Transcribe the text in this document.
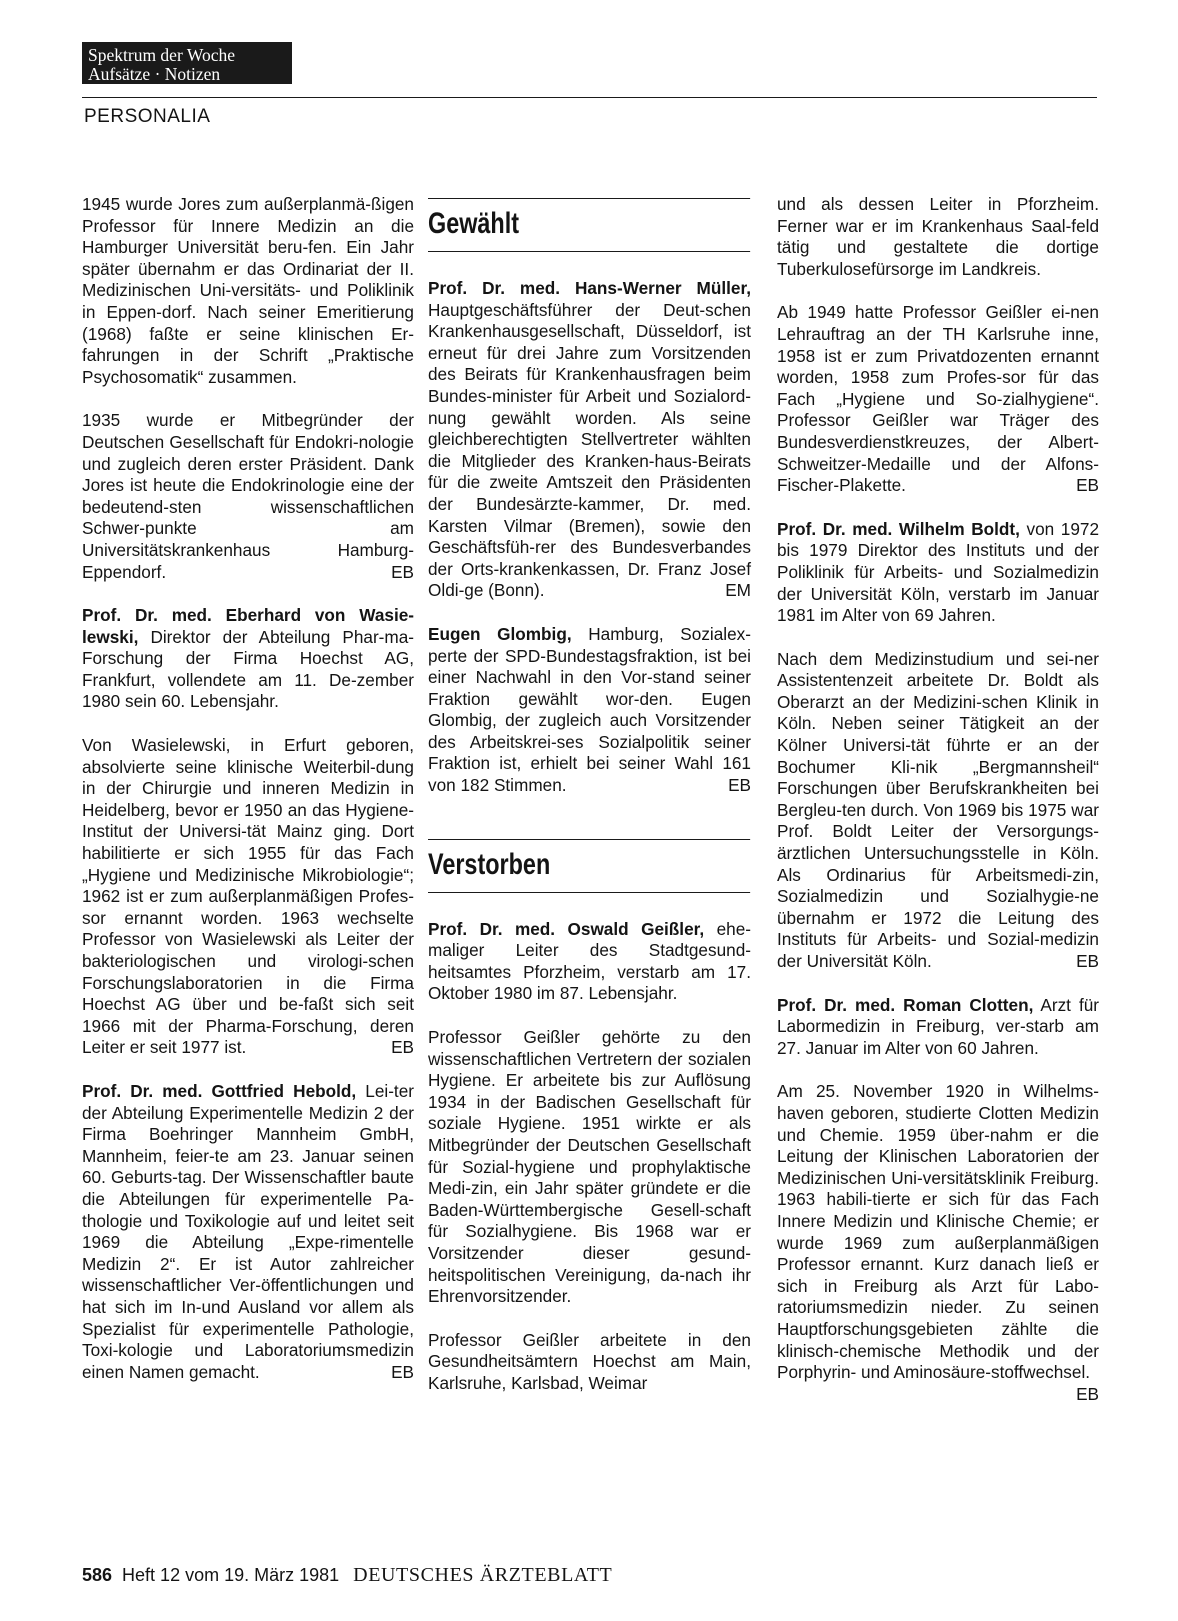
Spektrum der Woche
Aufsätze · Notizen
PERSONALIA

1945 wurde Jores zum außerplanmä-ßigen Professor für Innere Medizin an die Hamburger Universität beru-fen. Ein Jahr später übernahm er das Ordinariat der II. Medizinischen Uni-versitäts- und Poliklinik in Eppen-dorf. Nach seiner Emeritierung (1968) faßte er seine klinischen Er-fahrungen in der Schrift „Praktische Psychosomatik“ zusammen.

1935 wurde er Mitbegründer der Deutschen Gesellschaft für Endokri-nologie und zugleich deren erster Präsident. Dank Jores ist heute die Endokrinologie eine der bedeutend-sten wissenschaftlichen Schwer-punkte am Universitätskrankenhaus Hamburg-Eppendorf.	EB

Prof. Dr. med. Eberhard von Wasie-lewski, Direktor der Abteilung Phar-ma-Forschung der Firma Hoechst AG, Frankfurt, vollendete am 11. De-zember 1980 sein 60. Lebensjahr.

Von Wasielewski, in Erfurt geboren, absolvierte seine klinische Weiterbil-dung in der Chirurgie und inneren Medizin in Heidelberg, bevor er 1950 an das Hygiene-Institut der Universi-tät Mainz ging. Dort habilitierte er sich 1955 für das Fach „Hygiene und Medizinische Mikrobiologie“; 1962 ist er zum außerplanmäßigen Profes-sor ernannt worden. 1963 wechselte Professor von Wasielewski als Leiter der bakteriologischen und virologi-schen Forschungslaboratorien in die Firma Hoechst AG über und be-faßt sich seit 1966 mit der Pharma-Forschung, deren Leiter er seit 1977 ist.	EB

Prof. Dr. med. Gottfried Hebold, Lei-ter der Abteilung Experimentelle Medizin 2 der Firma Boehringer Mannheim GmbH, Mannheim, feier-te am 23. Januar seinen 60. Geburts-tag. Der Wissenschaftler baute die Abteilungen für experimentelle Pa-thologie und Toxikologie auf und leitet seit 1969 die Abteilung „Expe-rimentelle Medizin 2“. Er ist Autor zahlreicher wissenschaftlicher Ver-öffentlichungen und hat sich im In-und Ausland vor allem als Spezialist für experimentelle Pathologie, Toxi-kologie und Laboratoriumsmedizin einen Namen gemacht.	EB

Gewählt

Prof. Dr. med. Hans-Werner Müller, Hauptgeschäftsführer der Deut-schen Krankenhausgesellschaft, Düsseldorf, ist erneut für drei Jahre zum Vorsitzenden des Beirats für Krankenhausfragen beim Bundes-minister für Arbeit und Sozialord-nung gewählt worden. Als seine gleichberechtigten Stellvertreter wählten die Mitglieder des Kranken-haus-Beirats für die zweite Amtszeit den Präsidenten der Bundesärzte-kammer, Dr. med. Karsten Vilmar (Bremen), sowie den Geschäftsfüh-rer des Bundesverbandes der Orts-krankenkassen, Dr. Franz Josef Oldi-ge (Bonn).	EM

Eugen Glombig, Hamburg, Sozialex-perte der SPD-Bundestagsfraktion, ist bei einer Nachwahl in den Vor-stand seiner Fraktion gewählt wor-den. Eugen Glombig, der zugleich auch Vorsitzender des Arbeitskrei-ses Sozialpolitik seiner Fraktion ist, erhielt bei seiner Wahl 161 von 182 Stimmen.	EB

Verstorben

Prof. Dr. med. Oswald Geißler, ehe-maliger Leiter des Stadtgesund-heitsamtes Pforzheim, verstarb am 17. Oktober 1980 im 87. Lebensjahr.

Professor Geißler gehörte zu den wissenschaftlichen Vertretern der sozialen Hygiene. Er arbeitete bis zur Auflösung 1934 in der Badischen Gesellschaft für soziale Hygiene. 1951 wirkte er als Mitbegründer der Deutschen Gesellschaft für Sozial-hygiene und prophylaktische Medi-zin, ein Jahr später gründete er die Baden-Württembergische Gesell-schaft für Sozialhygiene. Bis 1968 war er Vorsitzender dieser gesund-heitspolitischen Vereinigung, da-nach ihr Ehrenvorsitzender.

Professor Geißler arbeitete in den Gesundheitsämtern Hoechst am Main, Karlsruhe, Karlsbad, Weimar

und als dessen Leiter in Pforzheim. Ferner war er im Krankenhaus Saal-feld tätig und gestaltete die dortige Tuberkulosefürsorge im Landkreis.

Ab 1949 hatte Professor Geißler ei-nen Lehrauftrag an der TH Karlsruhe inne, 1958 ist er zum Privatdozenten ernannt worden, 1958 zum Profes-sor für das Fach „Hygiene und So-zialhygiene“. Professor Geißler war Träger des Bundesverdienstkreuzes, der Albert-Schweitzer-Medaille und der Alfons-Fischer-Plakette.	EB

Prof. Dr. med. Wilhelm Boldt, von 1972 bis 1979 Direktor des Instituts und der Poliklinik für Arbeits- und Sozialmedizin der Universität Köln, verstarb im Januar 1981 im Alter von 69 Jahren.

Nach dem Medizinstudium und sei-ner Assistentenzeit arbeitete Dr. Boldt als Oberarzt an der Medizini-schen Klinik in Köln. Neben seiner Tätigkeit an der Kölner Universi-tät führte er an der Bochumer Kli-nik „Bergmannsheil“ Forschungen über Berufskrankheiten bei Bergleu-ten durch. Von 1969 bis 1975 war Prof. Boldt Leiter der Versorgungs-ärztlichen Untersuchungsstelle in Köln. Als Ordinarius für Arbeitsmedi-zin, Sozialmedizin und Sozialhygie-ne übernahm er 1972 die Leitung des Instituts für Arbeits- und Sozial-medizin der Universität Köln.	EB

Prof. Dr. med. Roman Clotten, Arzt für Labormedizin in Freiburg, ver-starb am 27. Januar im Alter von 60 Jahren.

Am 25. November 1920 in Wilhelms-haven geboren, studierte Clotten Medizin und Chemie. 1959 über-nahm er die Leitung der Klinischen Laboratorien der Medizinischen Uni-versitätsklinik Freiburg. 1963 habili-tierte er sich für das Fach Innere Medizin und Klinische Chemie; er wurde 1969 zum außerplanmäßigen Professor ernannt. Kurz danach ließ er sich in Freiburg als Arzt für Labo-ratoriumsmedizin nieder. Zu seinen Hauptforschungsgebieten zählte die klinisch-chemische Methodik und der Porphyrin- und Aminosäure-stoffwechsel.
EB

586 Heft 12 vom 19. März 1981 DEUTSCHES ÄRZTEBLATT
